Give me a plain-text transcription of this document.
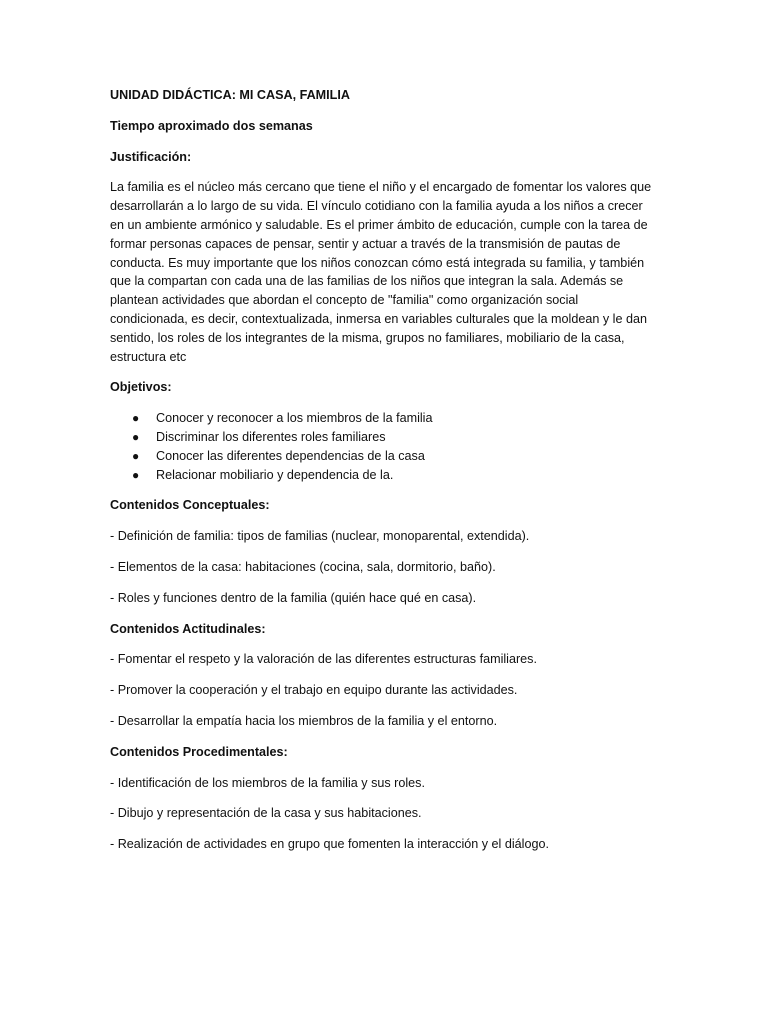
UNIDAD DIDÁCTICA: MI CASA, FAMILIA

Tiempo aproximado dos semanas

Justificación:

La familia es el núcleo más cercano que tiene el niño y el encargado de fomentar los valores que desarrollarán a lo largo de su vida. El vínculo cotidiano con la familia ayuda a los niños a crecer en un ambiente armónico y saludable. Es el primer ámbito de educación, cumple con la tarea de formar personas capaces de pensar, sentir y actuar a través de la transmisión de pautas de conducta. Es muy importante que los niños conozcan cómo está integrada su familia, y también que la compartan con cada una de las familias de los niños que integran la sala. Además se plantean actividades que abordan el concepto de "familia" como organización social condicionada, es decir, contextualizada, inmersa en variables culturales que la moldean y le dan sentido, los roles de los integrantes de la misma, grupos no familiares, mobiliario de la casa, estructura etc

Objetivos:

● Conocer y reconocer a los miembros de la familia
● Discriminar los diferentes roles familiares
● Conocer las diferentes dependencias de la casa
● Relacionar mobiliario y dependencia de la.

Contenidos Conceptuales:

- Definición de familia: tipos de familias (nuclear, monoparental, extendida).

- Elementos de la casa: habitaciones (cocina, sala, dormitorio, baño).

- Roles y funciones dentro de la familia (quién hace qué en casa).

Contenidos Actitudinales:

- Fomentar el respeto y la valoración de las diferentes estructuras familiares.

- Promover la cooperación y el trabajo en equipo durante las actividades.

- Desarrollar la empatía hacia los miembros de la familia y el entorno.

Contenidos Procedimentales:

- Identificación de los miembros de la familia y sus roles.

- Dibujo y representación de la casa y sus habitaciones.

- Realización de actividades en grupo que fomenten la interacción y el diálogo.
